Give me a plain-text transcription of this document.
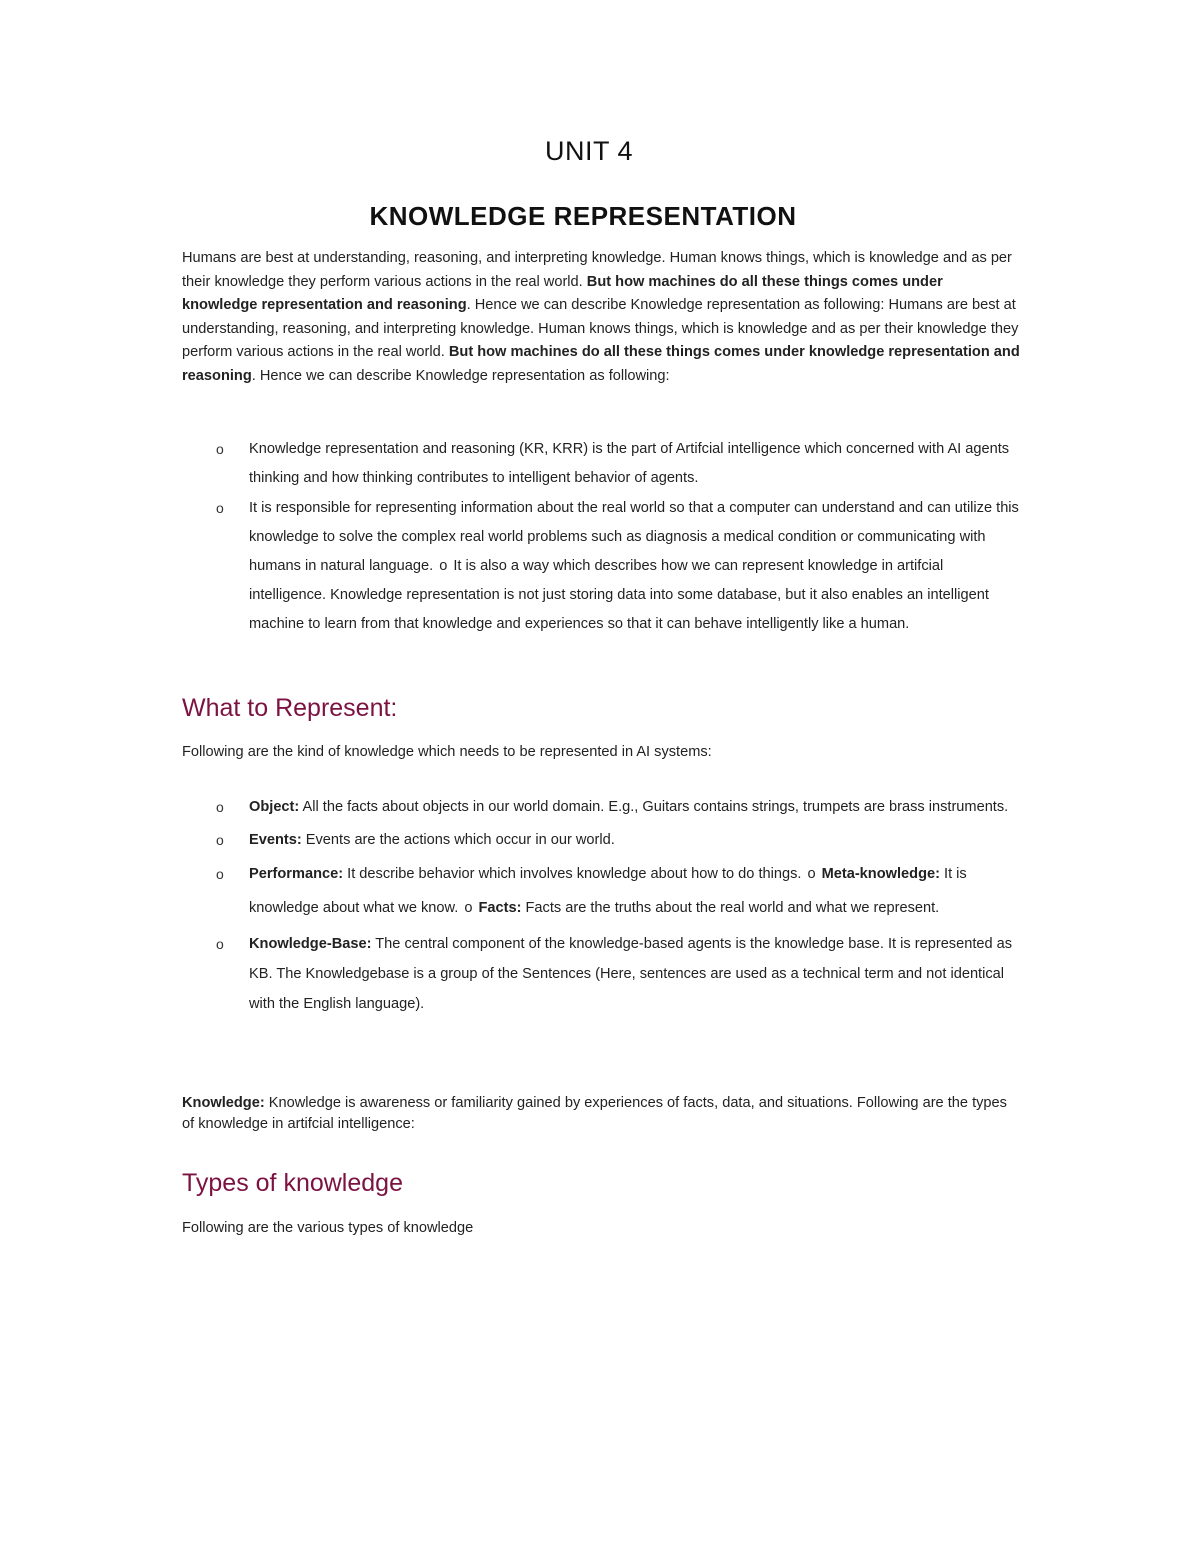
UNIT 4
KNOWLEDGE REPRESENTATION

Humans are best at understanding, reasoning, and interpreting knowledge. Human knows things, which is knowledge and as per their knowledge they perform various actions in the real world. But how machines do all these things comes under knowledge representation and reasoning. Hence we can describe Knowledge representation as following: Humans are best at understanding, reasoning, and interpreting knowledge. Human knows things, which is knowledge and as per their knowledge they perform various actions in the real world. But how machines do all these things comes under knowledge representation and reasoning. Hence we can describe Knowledge representation as following:

o Knowledge representation and reasoning (KR, KRR) is the part of Artifcial intelligence which concerned with AI agents thinking and how thinking contributes to intelligent behavior of agents.
o It is responsible for representing information about the real world so that a computer can understand and can utilize this knowledge to solve the complex real world problems such as diagnosis a medical condition or communicating with humans in natural language. o It is also a way which describes how we can represent knowledge in artifcial intelligence. Knowledge representation is not just storing data into some database, but it also enables an intelligent machine to learn from that knowledge and experiences so that it can behave intelligently like a human.
What to Represent:

Following are the kind of knowledge which needs to be represented in AI systems:

o Object: All the facts about objects in our world domain. E.g., Guitars contains strings, trumpets are brass instruments.
o Events: Events are the actions which occur in our world.
o Performance: It describe behavior which involves knowledge about how to do things. o Meta-knowledge: It is knowledge about what we know. o Facts: Facts are the truths about the real world and what we represent.
o Knowledge-Base: The central component of the knowledge-based agents is the knowledge base. It is represented as KB. The Knowledgebase is a group of the Sentences (Here, sentences are used as a technical term and not identical with the English language).

Knowledge: Knowledge is awareness or familiarity gained by experiences of facts, data, and situations. Following are the types of knowledge in artifcial intelligence:

Types of knowledge

Following are the various types of knowledge
